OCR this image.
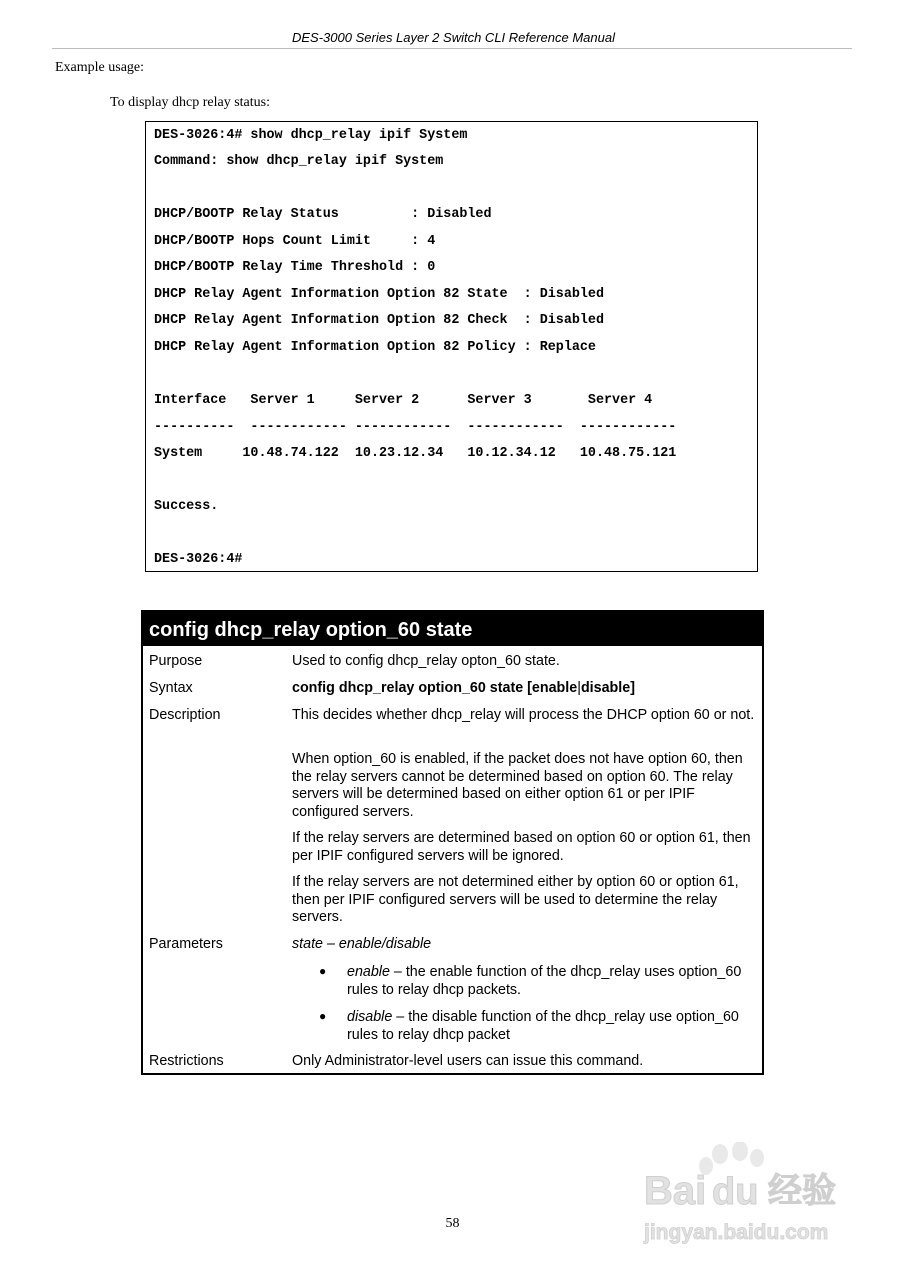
DES-3000 Series Layer 2 Switch CLI Reference Manual
Example usage:
To display dhcp relay status:
DES-3026:4# show dhcp_relay ipif System
Command: show dhcp_relay ipif System
DHCP/BOOTP Relay Status         : Disabled
DHCP/BOOTP Hops Count Limit     : 4
DHCP/BOOTP Relay Time Threshold : 0
DHCP Relay Agent Information Option 82 State  : Disabled
DHCP Relay Agent Information Option 82 Check  : Disabled
DHCP Relay Agent Information Option 82 Policy : Replace
Interface   Server 1     Server 2      Server 3       Server 4
----------  ------------ ------------  ------------  ------------
System     10.48.74.122  10.23.12.34   10.12.34.12   10.48.75.121
Success.
DES-3026:4#
config dhcp_relay option_60 state
Purpose	Used to config dhcp_relay opton_60 state.
Syntax	config dhcp_relay option_60 state [enable|disable]
Description	This decides whether dhcp_relay will process the DHCP option 60 or not.
When option_60 is enabled, if the packet does not have option 60, then the relay servers cannot be determined based on option 60. The relay servers will be determined based on either option 61 or per IPIF configured servers.
If the relay servers are determined based on option 60 or option 61, then per IPIF configured servers will be ignored.
If the relay servers are not determined either by option 60 or option 61, then per IPIF configured servers will be used to determine the relay servers.
Parameters	state – enable/disable
● enable – the enable function of the dhcp_relay uses option_60 rules to relay dhcp packets.
● disable – the disable function of the dhcp_relay use option_60 rules to relay dhcp packet
Restrictions	Only Administrator-level users can issue this command.
58
Bai du 经验
jingyan.baidu.com
